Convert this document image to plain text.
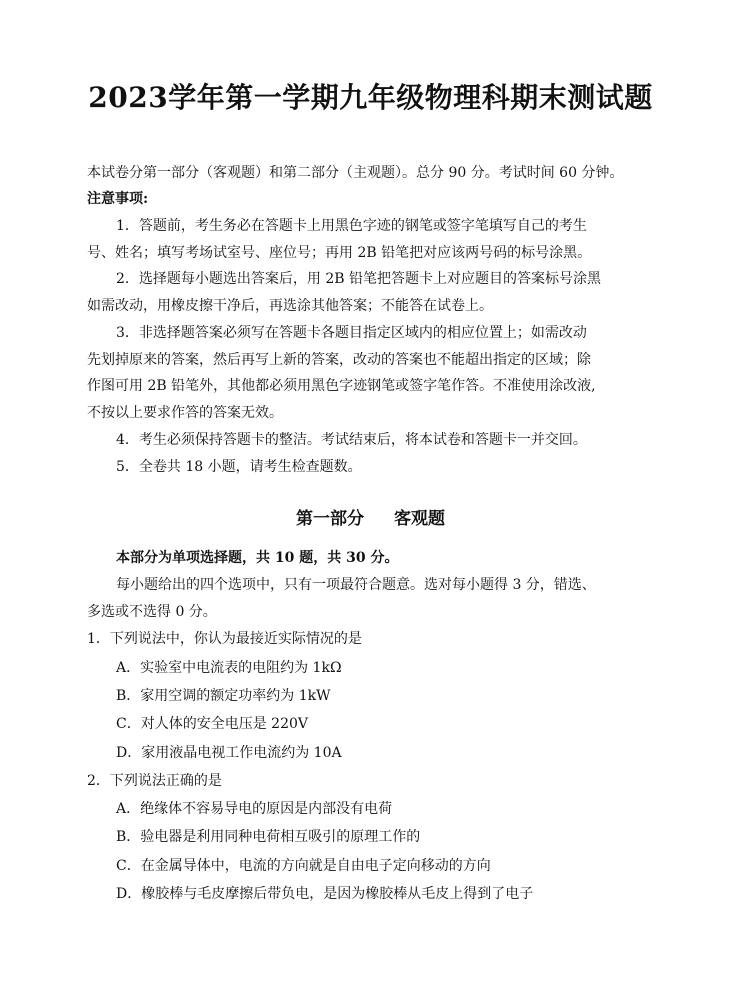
2023学年第一学期九年级物理科期末测试题
本试卷分第一部分（客观题）和第二部分（主观题）。总分 90 分。考试时间 60 分钟。
注意事项:
1．答题前，考生务必在答题卡上用黑色字迹的钢笔或签字笔填写自己的考生
号、姓名；填写考场试室号、座位号；再用 2B 铅笔把对应该两号码的标号涂黑。
2．选择题每小题选出答案后，用 2B 铅笔把答题卡上对应题目的答案标号涂黑
如需改动，用橡皮擦干净后，再选涂其他答案；不能答在试卷上。
3．非选择题答案必须写在答题卡各题目指定区域内的相应位置上；如需改动
先划掉原来的答案，然后再写上新的答案，改动的答案也不能超出指定的区域；除
作图可用 2B 铅笔外，其他都必须用黑色字迹钢笔或签字笔作答。不准使用涂改液,
不按以上要求作答的答案无效。
4．考生必须保持答题卡的整洁。考试结束后，将本试卷和答题卡一并交回。
5．全卷共 18 小题，请考生检查题数。
第一部分 客观题
本部分为单项选择题，共 10 题，共 30 分。
每小题给出的四个选项中，只有一项最符合题意。选对每小题得 3 分，错选、
多选或不选得 0 分。
1．下列说法中，你认为最接近实际情况的是
A．实验室中电流表的电阻约为 1kΩ
B．家用空调的额定功率约为 1kW
C．对人体的安全电压是 220V
D．家用液晶电视工作电流约为 10A
2．下列说法正确的是
A．绝缘体不容易导电的原因是内部没有电荷
B．验电器是利用同种电荷相互吸引的原理工作的
C．在金属导体中，电流的方向就是自由电子定向移动的方向
D．橡胶棒与毛皮摩擦后带负电，是因为橡胶棒从毛皮上得到了电子
